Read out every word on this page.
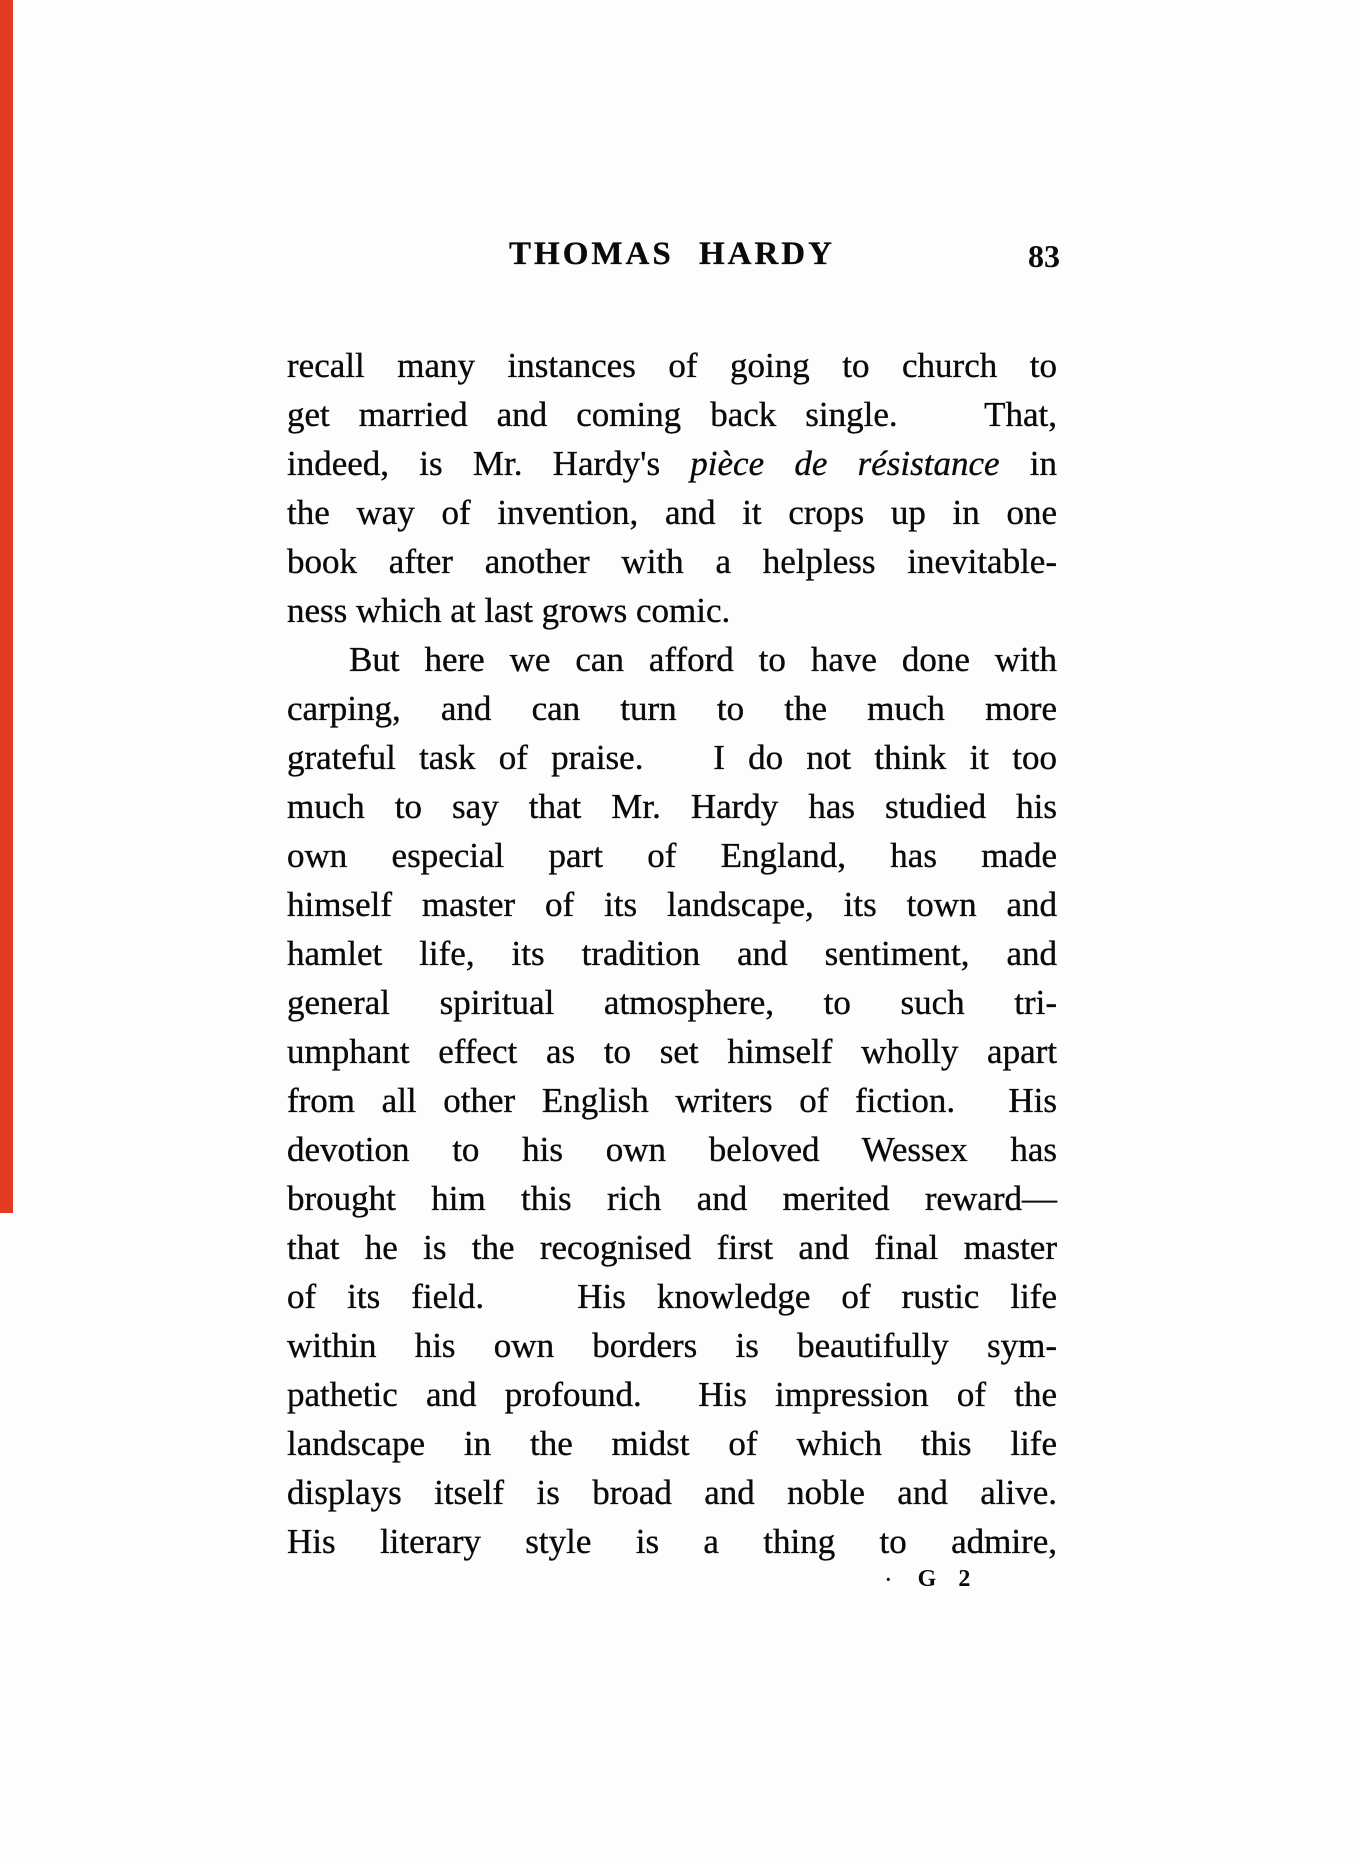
THOMAS HARDY	83
recall many instances of going to church to
get married and coming back single.   That,
indeed, is Mr. Hardy's pièce de résistance in
the way of invention, and it crops up in one
book after another with a helpless inevitable-
ness which at last grows comic.
But here we can afford to have done with
carping, and can turn to the much more
grateful task of praise.   I do not think it too
much to say that Mr. Hardy has studied his
own especial part of England, has made
himself master of its landscape, its town and
hamlet life, its tradition and sentiment, and
general spiritual atmosphere, to such tri-
umphant effect as to set himself wholly apart
from all other English writers of fiction.  His
devotion to his own beloved Wessex has
brought him this rich and merited reward—
that he is the recognised first and final master
of its field.   His knowledge of rustic life
within his own borders is beautifully sym-
pathetic and profound.  His impression of the
landscape in the midst of which this life
displays itself is broad and noble and alive.
His literary style is a thing to admire,
· G 2
